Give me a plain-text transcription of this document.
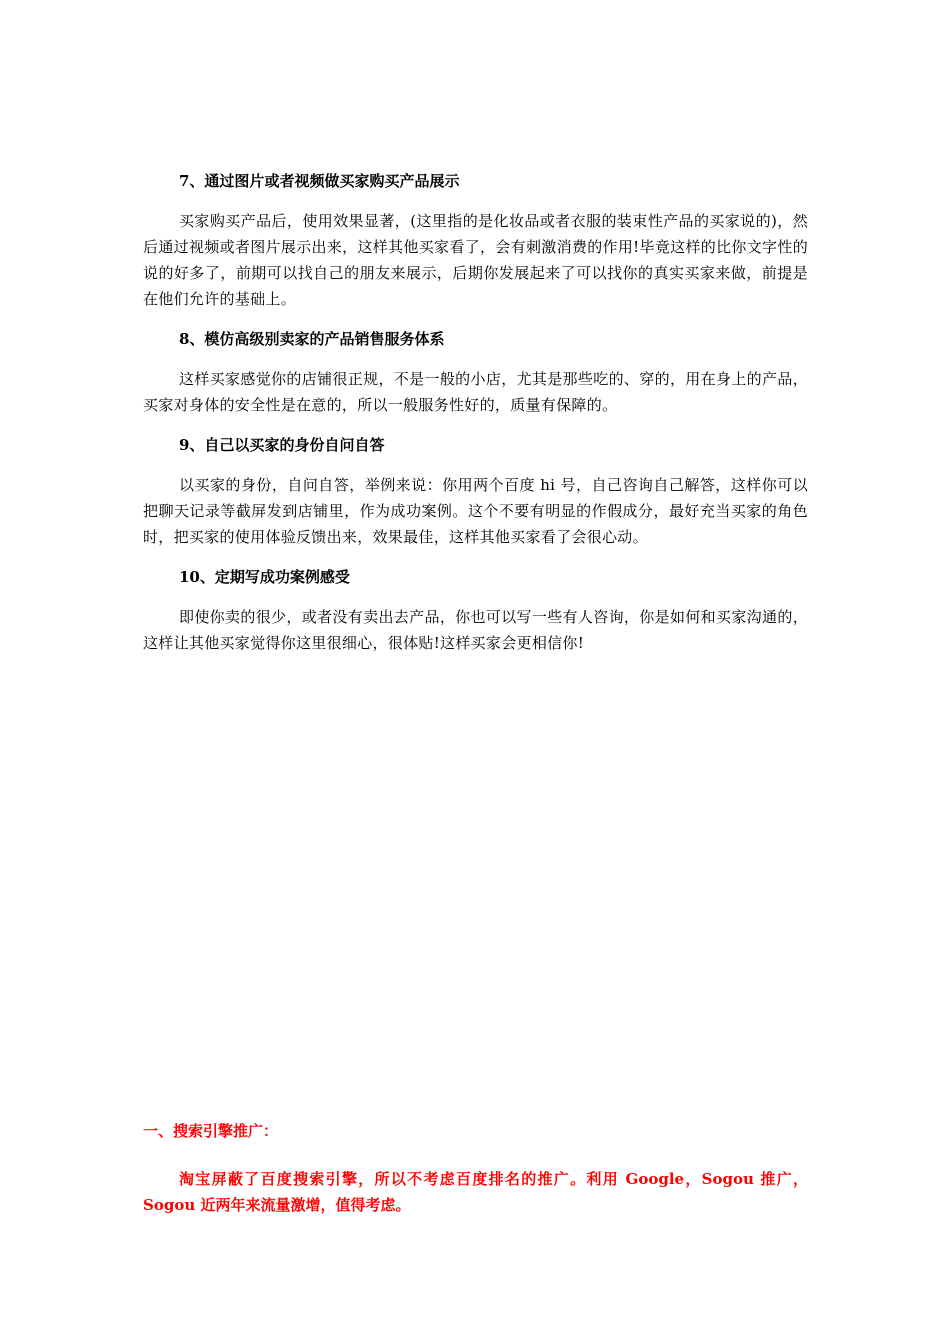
7、通过图片或者视频做买家购买产品展示

买家购买产品后，使用效果显著，(这里指的是化妆品或者衣服的装束性产品的买家说的)，然后通过视频或者图片展示出来，这样其他买家看了，会有刺激消费的作用!毕竟这样的比你文字性的说的好多了，前期可以找自己的朋友来展示，后期你发展起来了可以找你的真实买家来做，前提是在他们允许的基础上。

8、模仿高级别卖家的产品销售服务体系

这样买家感觉你的店铺很正规，不是一般的小店，尤其是那些吃的、穿的，用在身上的产品，买家对身体的安全性是在意的，所以一般服务性好的，质量有保障的。

9、自己以买家的身份自问自答

以买家的身份，自问自答，举例来说：你用两个百度 hi 号，自己咨询自己解答，这样你可以把聊天记录等截屏发到店铺里，作为成功案例。这个不要有明显的作假成分，最好充当买家的角色时，把买家的使用体验反馈出来，效果最佳，这样其他买家看了会很心动。

10、定期写成功案例感受

即使你卖的很少，或者没有卖出去产品，你也可以写一些有人咨询，你是如何和买家沟通的，这样让其他买家觉得你这里很细心，很体贴!这样买家会更相信你!

一、搜索引擎推广：

淘宝屏蔽了百度搜索引擎，所以不考虑百度排名的推广。利用 Google，Sogou 推广，Sogou 近两年来流量激增，值得考虑。
